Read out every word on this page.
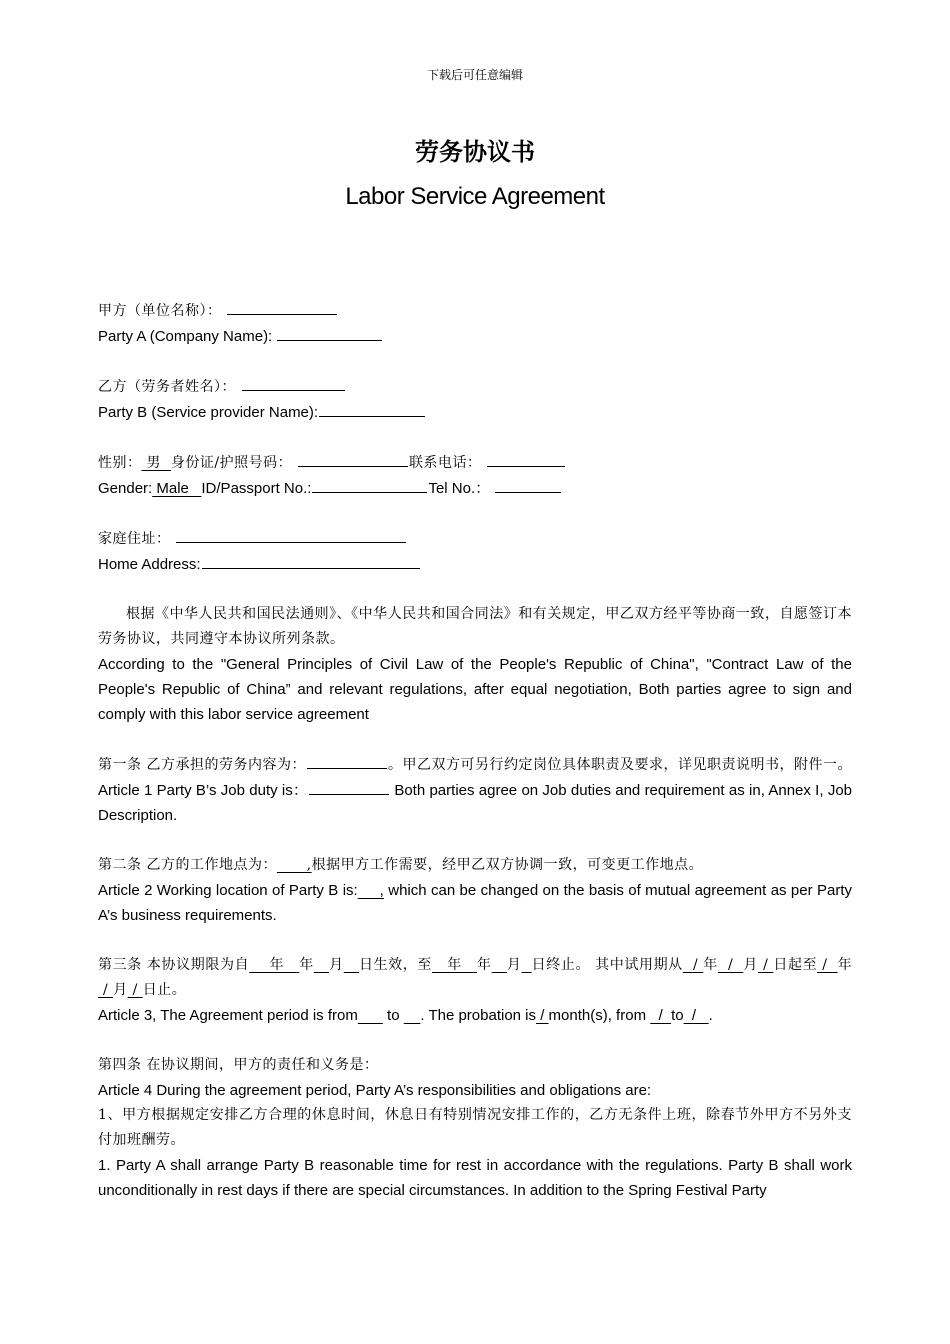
下载后可任意编辑
劳务协议书
Labor Service Agreement
甲方（单位名称）：
Party A (Company Name):
乙方（劳务者姓名）：
Party B (Service provider Name):
性别： 男  身份证/护照号码：	联系电话：
Gender: Male   ID/Passport No.:	Tel No.：
家庭住址：
Home Address:
根据《中华人民共和国民法通则》、《中华人民共和国合同法》和有关规定，甲乙双方经平等协商一致，自愿签订本劳务协议，共同遵守本协议所列条款。
According to the "General Principles of Civil Law of the People's Republic of China", "Contract Law of the People's Republic of China” and relevant regulations, after equal negotiation, Both parties agree to sign and comply with this labor service agreement
第一条 乙方承担的劳务内容为：	。甲乙双方可另行约定岗位具体职责及要求，详见职责说明书，附件一。
Article 1 Party B’s Job duty is：	Both parties agree on Job duties and requirement as in, Annex I, Job Description.
第二条 乙方的工作地点为：      ,根据甲方工作需要，经甲乙双方协调一致，可变更工作地点。
Article 2 Working location of Party B is:     , which can be changed on the basis of mutual agreement as per Party A’s business requirements.
第三条 本协议期限为自    年   年 月 日生效，至   年   年 月 日终止。 其中试用期从  / 年  /  月 / 日起至 /  年 / 月 / 日止。
Article 3, The Agreement period is from       to     . The probation is / month(s), from   /  to  /   .
第四条 在协议期间，甲方的责任和义务是：
Article 4 During the agreement period, Party A’s responsibilities and obligations are:
1、甲方根据规定安排乙方合理的休息时间，休息日有特别情况安排工作的，乙方无条件上班，除春节外甲方不另外支付加班酬劳。
1. Party A shall arrange Party B reasonable time for rest in accordance with the regulations. Party B shall work unconditionally in rest days if there are special circumstances. In addition to the Spring Festival Party
